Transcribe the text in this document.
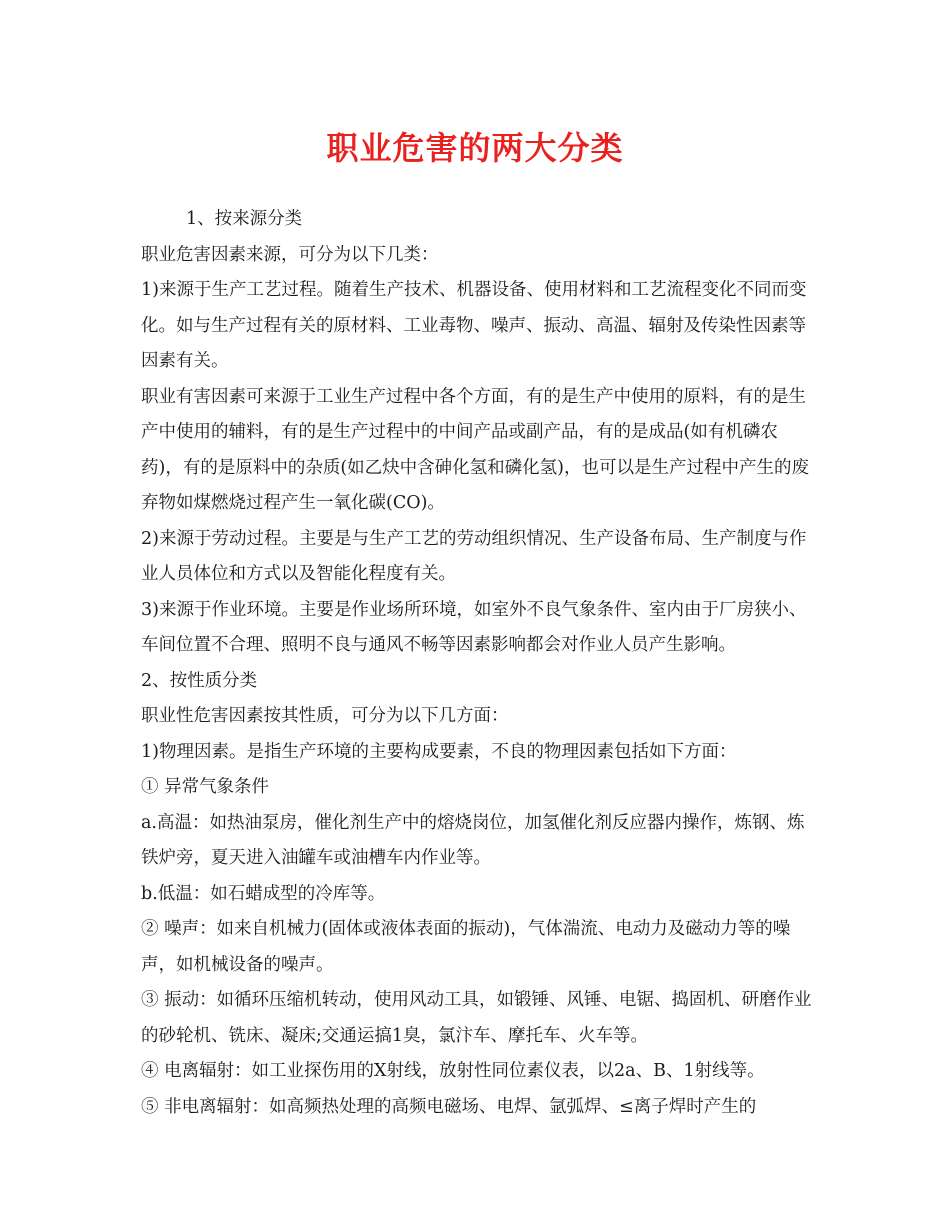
职业危害的两大分类

1、按来源分类

职业危害因素来源，可分为以下几类：

1)来源于生产工艺过程。随着生产技术、机器设备、使用材料和工艺流程变化不同而变化。如与生产过程有关的原材料、工业毒物、噪声、振动、高温、辐射及传染性因素等因素有关。

职业有害因素可来源于工业生产过程中各个方面，有的是生产中使用的原料，有的是生产中使用的辅料，有的是生产过程中的中间产品或副产品，有的是成品(如有机磷农药)，有的是原料中的杂质(如乙炔中含砷化氢和磷化氢)，也可以是生产过程中产生的废弃物如煤燃烧过程产生一氧化碳(CO)。

2)来源于劳动过程。主要是与生产工艺的劳动组织情况、生产设备布局、生产制度与作业人员体位和方式以及智能化程度有关。

3)来源于作业环境。主要是作业场所环境，如室外不良气象条件、室内由于厂房狭小、车间位置不合理、照明不良与通风不畅等因素影响都会对作业人员产生影响。

2、按性质分类

职业性危害因素按其性质，可分为以下几方面：

1)物理因素。是指生产环境的主要构成要素，不良的物理因素包括如下方面：

① 异常气象条件

a.高温：如热油泵房，催化剂生产中的熔烧岗位，加氢催化剂反应器内操作，炼钢、炼铁炉旁，夏天进入油罐车或油槽车内作业等。

b.低温：如石蜡成型的冷库等。

② 噪声：如来自机械力(固体或液体表面的振动)，气体湍流、电动力及磁动力等的噪声，如机械设备的噪声。

③ 振动：如循环压缩机转动，使用风动工具，如锻锤、风锤、电锯、捣固机、研磨作业的砂轮机、铣床、凝床;交通运搞1臭，氯汴车、摩托车、火车等。

④ 电离辐射：如工业探伤用的X射线，放射性同位素仪表，以2a、B、1射线等。

⑤ 非电离辐射：如高频热处理的高频电磁场、电焊、氩弧焊、≤离子焊时产生的
